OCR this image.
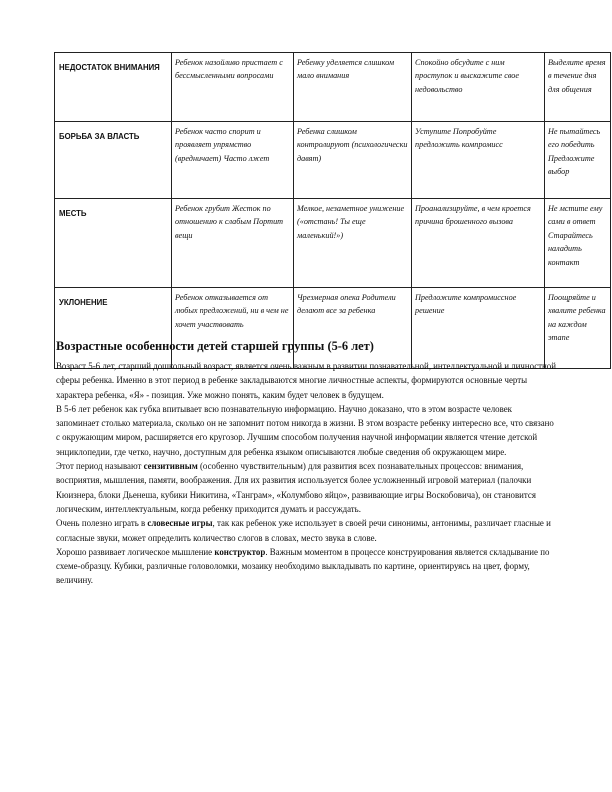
НЕДОСТАТОК ВНИМАНИЯ	Ребенок назойливо пристает с бессмысленными вопросами	Ребенку уделяется слишком мало внимания	Спокойно обсудите с ним проступок и выскажите свое недовольство	Выделите время в течение дня для общения
БОРЬБА ЗА ВЛАСТЬ	Ребенок часто спорит и проявляет упрямство (вредничает) Часто лжет	Ребенка слишком контролируют (психологически давят)	Уступите Попробуйте предложить компромисс	Не пытайтесь его победить Предложите выбор
МЕСТЬ	Ребенок грубит Жесток по отношению к слабым Портит вещи	Мелкое, незаметное унижение («отстань! Ты еще маленький!»)	Проанализируйте, в чем кроется причина брошенного вызова	Не мстите ему сами в ответ Старайтесь наладить контакт
УКЛОНЕНИЕ	Ребенок отказывается от любых предложений, ни в чем не хочет участвовать	Чрезмерная опека Родители делают все за ребенка	Предложите компромиссное решение	Поощряйте и хвалите ребенка на каждом этапе
Возрастные особенности детей старшей группы (5-6 лет)

Возраст 5-6 лет, старший дошкольный возраст, является очень важным в развитии познавательной, интеллектуальной и личностной сферы ребенка. Именно в этот период в ребенке закладываются многие личностные аспекты, формируются основные черты характера ребенка, «Я» - позиция. Уже можно понять, каким будет человек в будущем.

В 5-6 лет ребенок как губка впитывает всю познавательную информацию. Научно доказано, что в этом возрасте человек запоминает столько материала, сколько он не запомнит потом никогда в жизни. В этом возрасте ребенку интересно все, что связано с окружающим миром, расширяется его кругозор. Лучшим способом получения научной информации является чтение детской энциклопедии, где четко, научно, доступным для ребенка языком описываются любые сведения об окружающем мире.

Этот период называют сензитивным (особенно чувствительным) для развития всех познавательных процессов: внимания, восприятия, мышления, памяти, воображения. Для их развития используется более усложненный игровой материал (палочки Кюизнера, блоки Дьенеша, кубики Никитина, «Танграм», «Колумбово яйцо», развивающие игры Воскобовича), он становится логическим, интеллектуальным, когда ребенку приходится думать и рассуждать.

Очень полезно играть в словесные игры, так как ребенок уже использует в своей речи синонимы, антонимы, различает гласные и согласные звуки, может определить количество слогов в словах, место звука в слове.

Хорошо развивает логическое мышление конструктор. Важным моментом в процессе конструирования является складывание по схеме-образцу. Кубики, различные головоломки, мозаику необходимо выкладывать по картине, ориентируясь на цвет, форму, величину.
